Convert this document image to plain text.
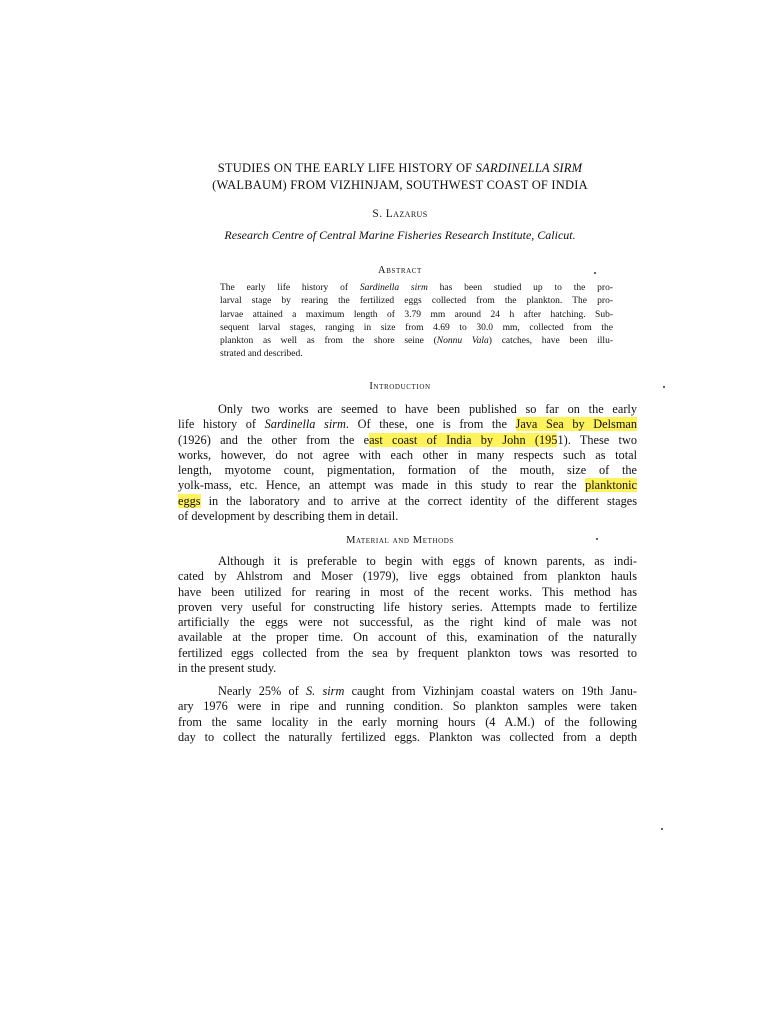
STUDIES ON THE EARLY LIFE HISTORY OF SARDINELLA SIRM
(WALBAUM) FROM VIZHINJAM, SOUTHWEST COAST OF INDIA
S. Lazarus
Research Centre of Central Marine Fisheries Research Institute, Calicut.
Abstract
The early life history of Sardinella sirm has been studied up to the pro-
larval stage by rearing the fertilized eggs collected from the plankton. The pro-
larvae attained a maximum length of 3.79 mm around 24 h after hatching. Sub-
sequent larval stages, ranging in size from 4.69 to 30.0 mm, collected from the
plankton as well as from the shore seine (Nonnu Vala) catches, have been illu-
strated and described.
Introduction
Only two works are seemed to have been published so far on the early
life history of Sardinella sirm. Of these, one is from the Java Sea by Delsman
(1926) and the other from the east coast of India by John (1951). These two
works, however, do not agree with each other in many respects such as total
length, myotome count, pigmentation, formation of the mouth, size of the
yolk-mass, etc. Hence, an attempt was made in this study to rear the planktonic
eggs in the laboratory and to arrive at the correct identity of the different stages
of development by describing them in detail.
Material and Methods
Although it is preferable to begin with eggs of known parents, as indi-
cated by Ahlstrom and Moser (1979), live eggs obtained from plankton hauls
have been utilized for rearing in most of the recent works. This method has
proven very useful for constructing life history series. Attempts made to fertilize
artificially the eggs were not successful, as the right kind of male was not
available at the proper time. On account of this, examination of the naturally
fertilized eggs collected from the sea by frequent plankton tows was resorted to
in the present study.
Nearly 25% of S. sirm caught from Vizhinjam coastal waters on 19th Janu-
ary 1976 were in ripe and running condition. So plankton samples were taken
from the same locality in the early morning hours (4 A.M.) of the following
day to collect the naturally fertilized eggs. Plankton was collected from a depth
